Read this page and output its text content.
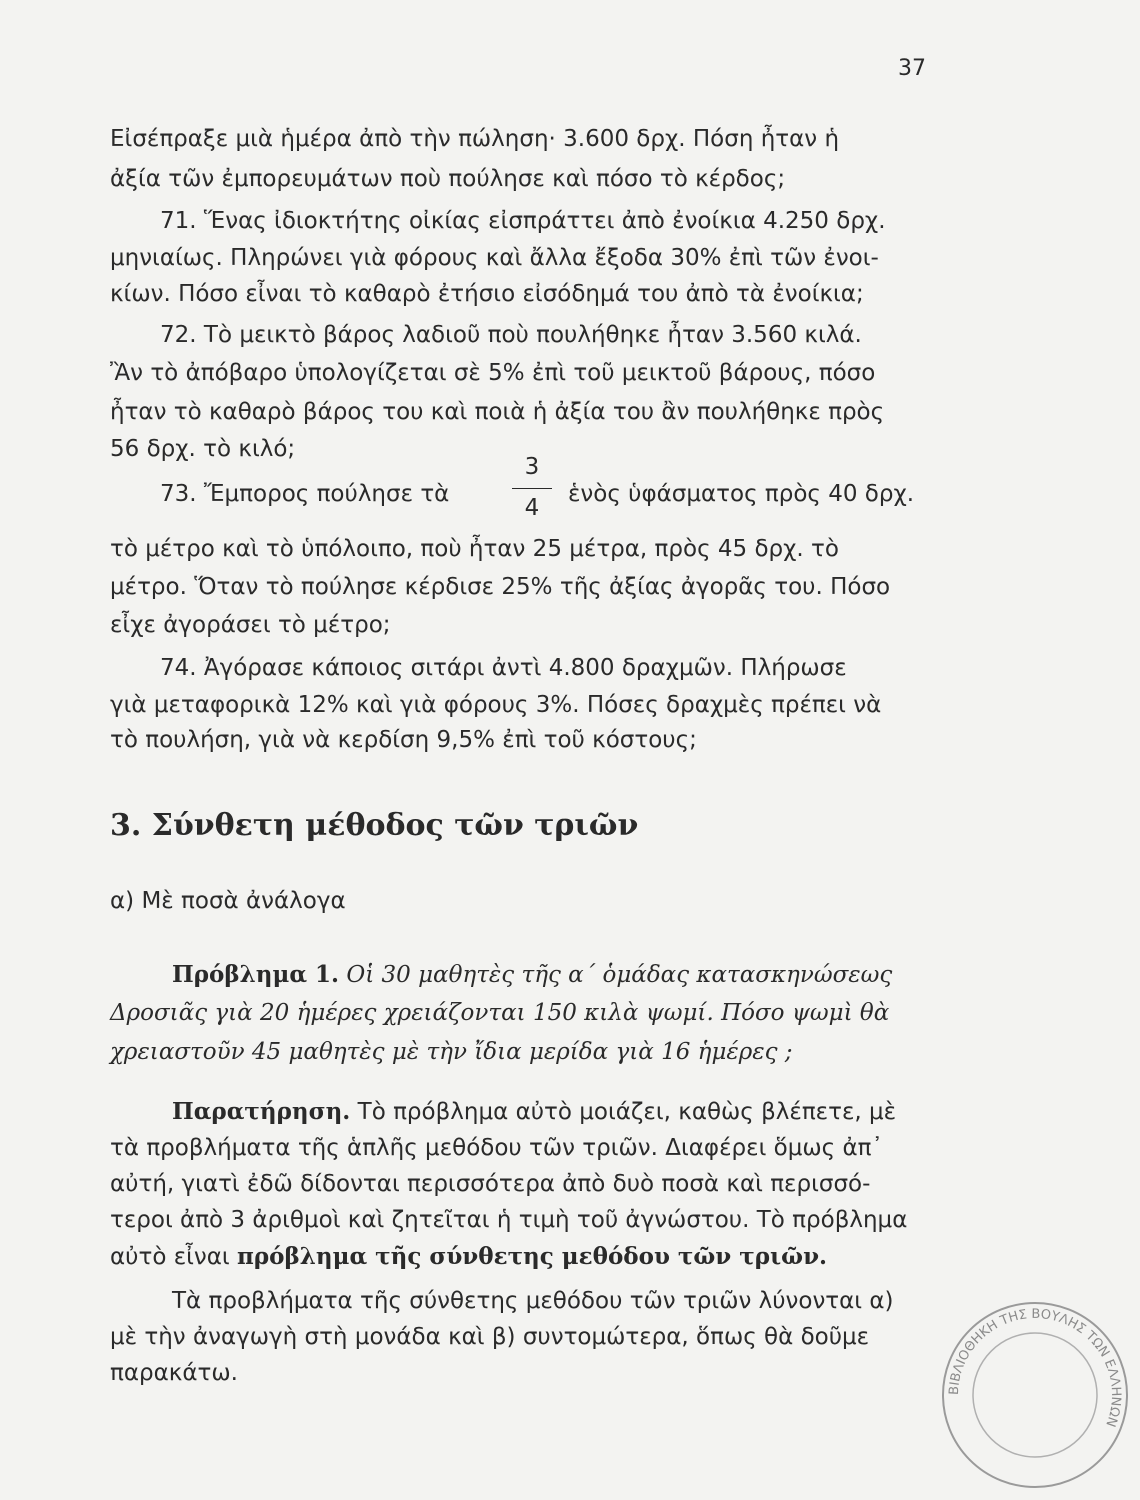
37
Εἰσέπραξε μιὰ ἡμέρα ἀπὸ τὴν πώληση· 3.600 δρχ. Πόση ἦταν ἡ
ἀξία τῶν ἐμπορευμάτων ποὺ πούλησε καὶ πόσο τὸ κέρδος;
71. Ἕνας ἰδιοκτήτης οἰκίας εἰσπράττει ἀπὸ ἐνοίκια 4.250 δρχ.
μηνιαίως. Πληρώνει γιὰ φόρους καὶ ἄλλα ἔξοδα 30% ἐπὶ τῶν ἐνοι-
κίων. Πόσο εἶναι τὸ καθαρὸ ἐτήσιο εἰσόδημά του ἀπὸ τὰ ἐνοίκια;
72. Τὸ μεικτὸ βάρος λαδιοῦ ποὺ πουλήθηκε ἦταν 3.560 κιλά.
Ἂν τὸ ἀπόβαρο ὑπολογίζεται σὲ 5% ἐπὶ τοῦ μεικτοῦ βάρους, πόσο
ἦταν τὸ καθαρὸ βάρος του καὶ ποιὰ ἡ ἀξία του ἂν πουλήθηκε πρὸς
56 δρχ. τὸ κιλό;
73. Ἔμπορος πούλησε τὰ
3
4
ἑνὸς ὑφάσματος πρὸς 40 δρχ.
τὸ μέτρο καὶ τὸ ὑπόλοιπο, ποὺ ἦταν 25 μέτρα, πρὸς 45 δρχ. τὸ
μέτρο. Ὅταν τὸ πούλησε κέρδισε 25% τῆς ἀξίας ἀγορᾶς του. Πόσο
εἶχε ἀγοράσει τὸ μέτρο;
74. Ἀγόρασε κάποιος σιτάρι ἀντὶ 4.800 δραχμῶν. Πλήρωσε
γιὰ μεταφορικὰ 12% καὶ γιὰ φόρους 3%. Πόσες δραχμὲς πρέπει νὰ
τὸ πουλήση, γιὰ νὰ κερδίση 9,5% ἐπὶ τοῦ κόστους;
3. Σύνθετη μέθοδος τῶν τριῶν
α) Μὲ ποσὰ ἀνάλογα
Πρόβλημα 1. Οἱ 30 μαθητὲς τῆς α΄ ὁμάδας κατασκηνώσεως
Δροσιᾶς γιὰ 20 ἡμέρες χρειάζονται 150 κιλὰ ψωμί. Πόσο ψωμὶ θὰ
χρειαστοῦν 45 μαθητὲς μὲ τὴν ἴδια μερίδα γιὰ 16 ἡμέρες ;
Παρατήρηση. Τὸ πρόβλημα αὐτὸ μοιάζει, καθὼς βλέπετε, μὲ
τὰ προβλήματα τῆς ἁπλῆς μεθόδου τῶν τριῶν. Διαφέρει ὅμως ἀπ᾿
αὐτή, γιατὶ ἐδῶ δίδονται περισσότερα ἀπὸ δυὸ ποσὰ καὶ περισσό-
τεροι ἀπὸ 3 ἀριθμοὶ καὶ ζητεῖται ἡ τιμὴ τοῦ ἀγνώστου. Τὸ πρόβλημα
αὐτὸ εἶναι πρόβλημα τῆς σύνθετης μεθόδου τῶν τριῶν.
Τὰ προβλήματα τῆς σύνθετης μεθόδου τῶν τριῶν λύνονται α)
μὲ τὴν ἀναγωγὴ στὴ μονάδα καὶ β) συντομώτερα, ὅπως θὰ δοῦμε
παρακάτω.
ΒΙΒΛΙΟΘΗΚΗ ΤΗΣ ΒΟΥΛΗΣ ΤΩΝ ΕΛΛΗΝΩΝ
